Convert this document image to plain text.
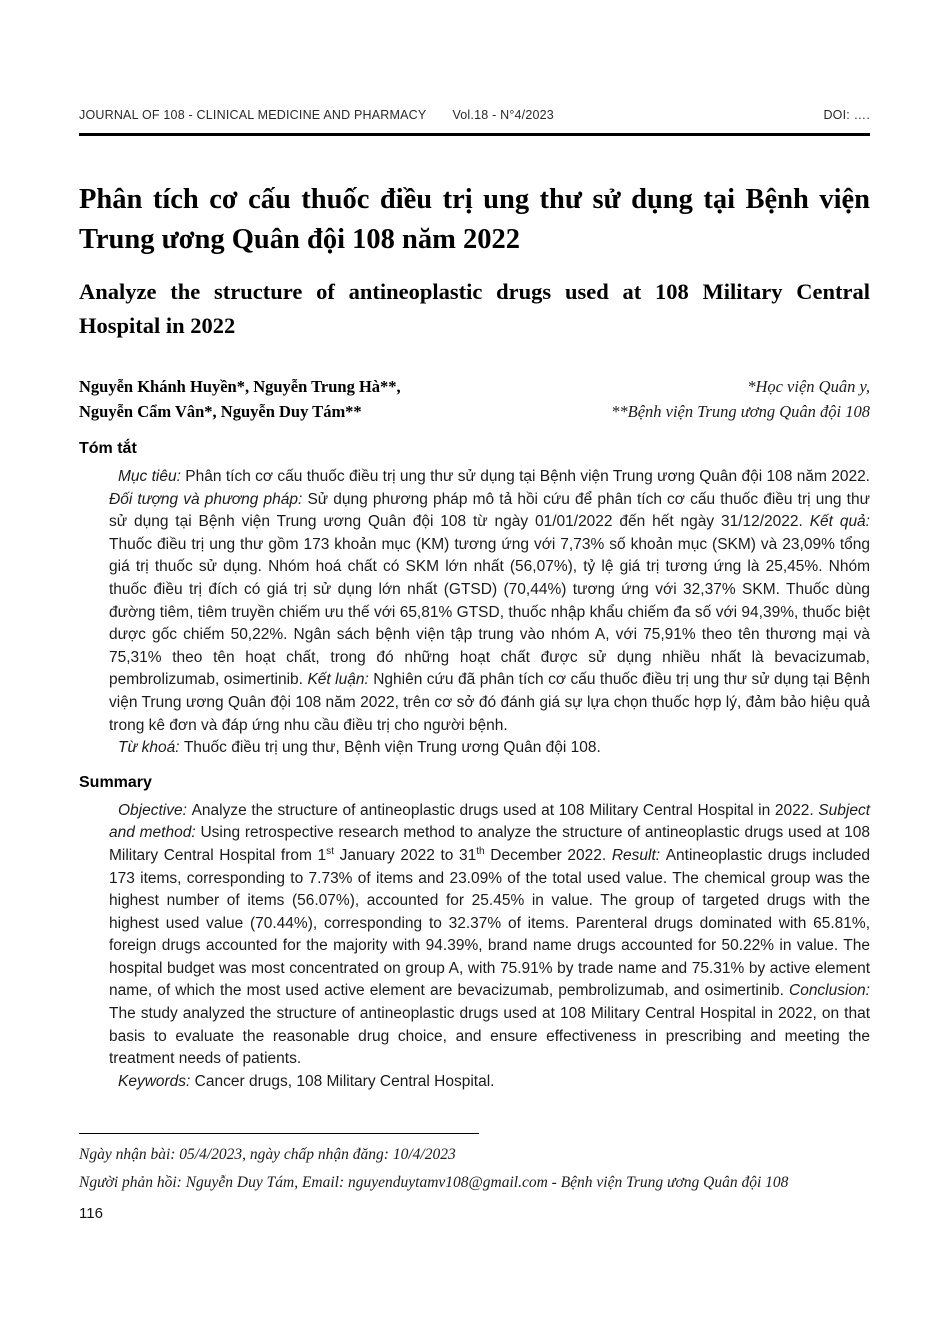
JOURNAL OF 108 - CLINICAL MEDICINE AND PHARMACY Vol.18 - N°4/2023	DOI: ….
Phân tích cơ cấu thuốc điều trị ung thư sử dụng tại Bệnh viện Trung ương Quân đội 108 năm 2022
Analyze the structure of antineoplastic drugs used at 108 Military Central Hospital in 2022
Nguyễn Khánh Huyền*, Nguyễn Trung Hà**,
Nguyễn Cẩm Vân*, Nguyễn Duy Tám**
*Học viện Quân y,
**Bệnh viện Trung ương Quân đội 108
Tóm tắt

Mục tiêu: Phân tích cơ cấu thuốc điều trị ung thư sử dụng tại Bệnh viện Trung ương Quân đội 108 năm 2022. Đối tượng và phương pháp: Sử dụng phương pháp mô tả hồi cứu để phân tích cơ cấu thuốc điều trị ung thư sử dụng tại Bệnh viện Trung ương Quân đội 108 từ ngày 01/01/2022 đến hết ngày 31/12/2022. Kết quả: Thuốc điều trị ung thư gồm 173 khoản mục (KM) tương ứng với 7,73% số khoản mục (SKM) và 23,09% tổng giá trị thuốc sử dụng. Nhóm hoá chất có SKM lớn nhất (56,07%), tỷ lệ giá trị tương ứng là 25,45%. Nhóm thuốc điều trị đích có giá trị sử dụng lớn nhất (GTSD) (70,44%) tương ứng với 32,37% SKM. Thuốc dùng đường tiêm, tiêm truyền chiếm ưu thế với 65,81% GTSD, thuốc nhập khẩu chiếm đa số với 94,39%, thuốc biệt dược gốc chiếm 50,22%. Ngân sách bệnh viện tập trung vào nhóm A, với 75,91% theo tên thương mại và 75,31% theo tên hoạt chất, trong đó những hoạt chất được sử dụng nhiều nhất là bevacizumab, pembrolizumab, osimertinib. Kết luận: Nghiên cứu đã phân tích cơ cấu thuốc điều trị ung thư sử dụng tại Bệnh viện Trung ương Quân đội 108 năm 2022, trên cơ sở đó đánh giá sự lựa chọn thuốc hợp lý, đảm bảo hiệu quả trong kê đơn và đáp ứng nhu cầu điều trị cho người bệnh.

Từ khoá: Thuốc điều trị ung thư, Bệnh viện Trung ương Quân đội 108.

Summary

Objective: Analyze the structure of antineoplastic drugs used at 108 Military Central Hospital in 2022. Subject and method: Using retrospective research method to analyze the structure of antineoplastic drugs used at 108 Military Central Hospital from 1st January 2022 to 31th December 2022. Result: Antineoplastic drugs included 173 items, corresponding to 7.73% of items and 23.09% of the total used value. The chemical group was the highest number of items (56.07%), accounted for 25.45% in value. The group of targeted drugs with the highest used value (70.44%), corresponding to 32.37% of items. Parenteral drugs dominated with 65.81%, foreign drugs accounted for the majority with 94.39%, brand name drugs accounted for 50.22% in value. The hospital budget was most concentrated on group A, with 75.91% by trade name and 75.31% by active element name, of which the most used active element are bevacizumab, pembrolizumab, and osimertinib. Conclusion: The study analyzed the structure of antineoplastic drugs used at 108 Military Central Hospital in 2022, on that basis to evaluate the reasonable drug choice, and ensure effectiveness in prescribing and meeting the treatment needs of patients.

Keywords: Cancer drugs, 108 Military Central Hospital.

Ngày nhận bài: 05/4/2023, ngày chấp nhận đăng: 10/4/2023
Người phản hồi: Nguyễn Duy Tám, Email: nguyenduytamv108@gmail.com - Bệnh viện Trung ương Quân đội 108
116
